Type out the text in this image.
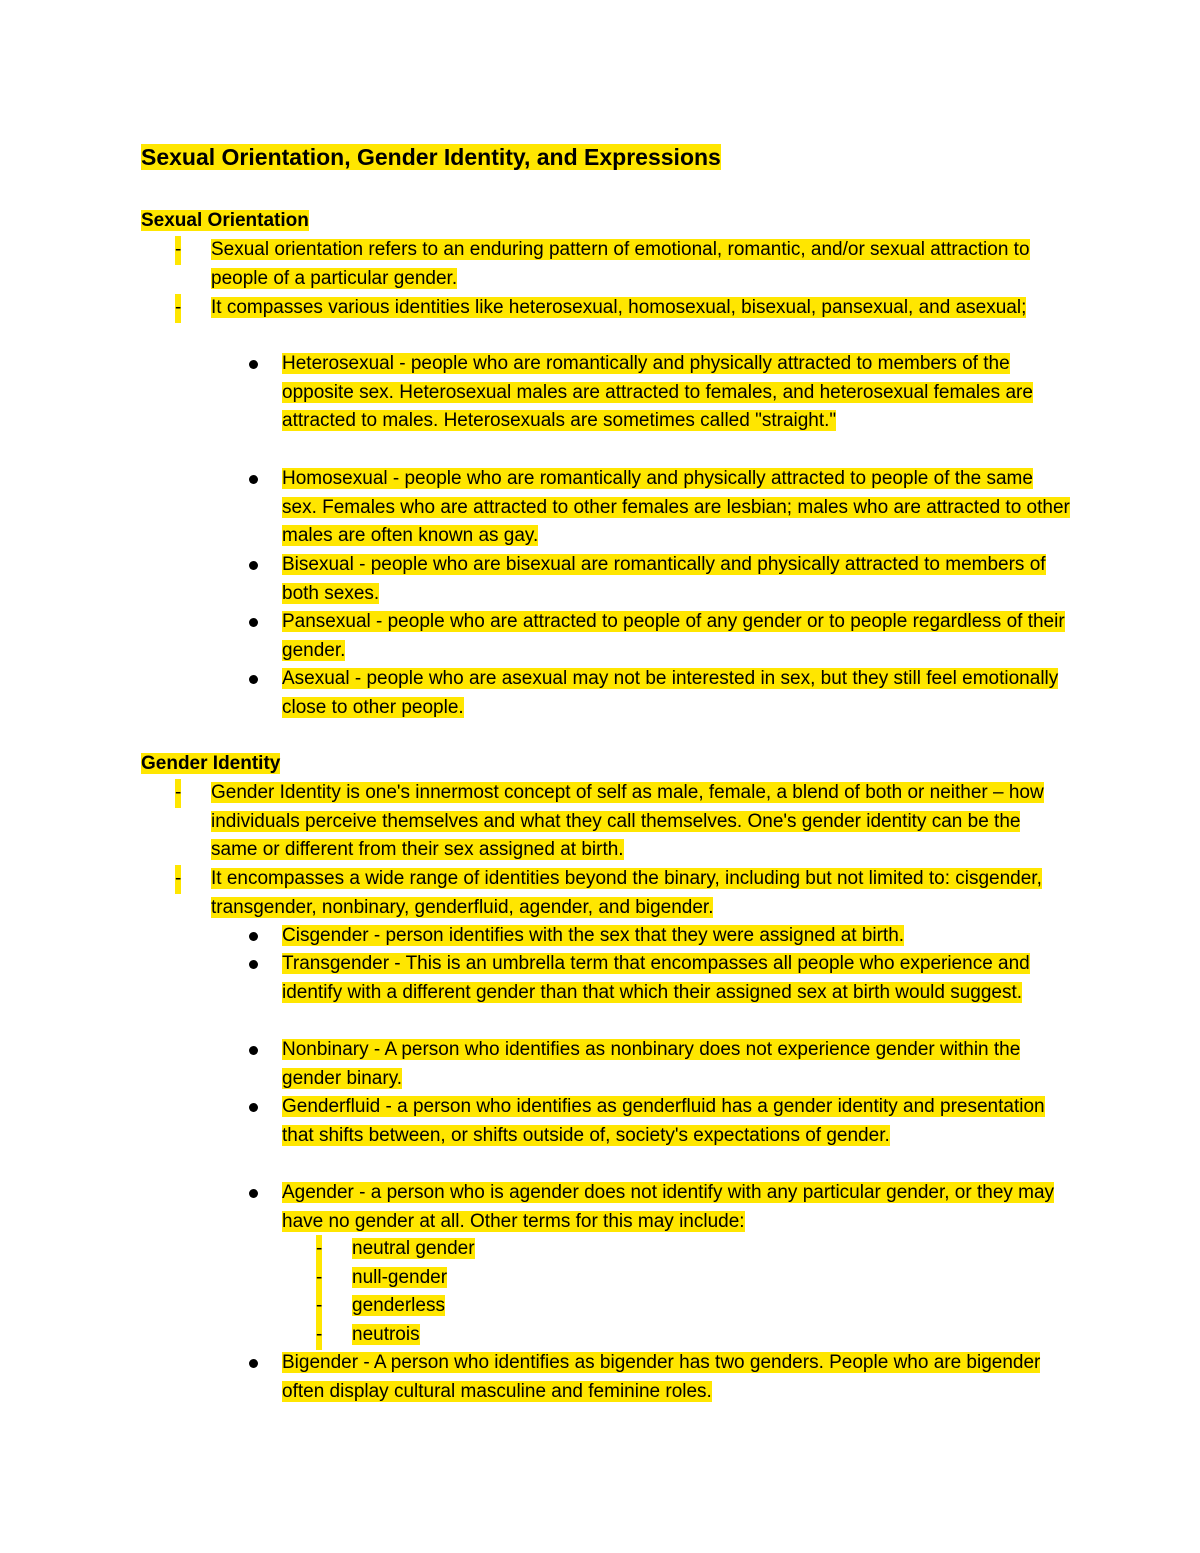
Sexual Orientation, Gender Identity, and Expressions
Sexual Orientation
- Sexual orientation refers to an enduring pattern of emotional, romantic, and/or sexual attraction to people of a particular gender.
- It compasses various identities like heterosexual, homosexual, bisexual, pansexual, and asexual;
Heterosexual - people who are romantically and physically attracted to members of the opposite sex. Heterosexual males are attracted to females, and heterosexual females are attracted to males. Heterosexuals are sometimes called "straight."
Homosexual - people who are romantically and physically attracted to people of the same sex. Females who are attracted to other females are lesbian; males who are attracted to other males are often known as gay.
Bisexual - people who are bisexual are romantically and physically attracted to members of both sexes.
Pansexual - people who are attracted to people of any gender or to people regardless of their gender.
Asexual - people who are asexual may not be interested in sex, but they still feel emotionally close to other people.
Gender Identity
- Gender Identity is one's innermost concept of self as male, female, a blend of both or neither – how individuals perceive themselves and what they call themselves. One's gender identity can be the same or different from their sex assigned at birth.
- It encompasses a wide range of identities beyond the binary, including but not limited to: cisgender, transgender, nonbinary, genderfluid, agender, and bigender.
Cisgender - person identifies with the sex that they were assigned at birth.
Transgender - This is an umbrella term that encompasses all people who experience and identify with a different gender than that which their assigned sex at birth would suggest.
Nonbinary - A person who identifies as nonbinary does not experience gender within the gender binary.
Genderfluid - a person who identifies as genderfluid has a gender identity and presentation that shifts between, or shifts outside of, society's expectations of gender.
Agender - a person who is agender does not identify with any particular gender, or they may have no gender at all. Other terms for this may include:
- neutral gender
- null-gender
- genderless
- neutrois
Bigender - A person who identifies as bigender has two genders. People who are bigender often display cultural masculine and feminine roles.
